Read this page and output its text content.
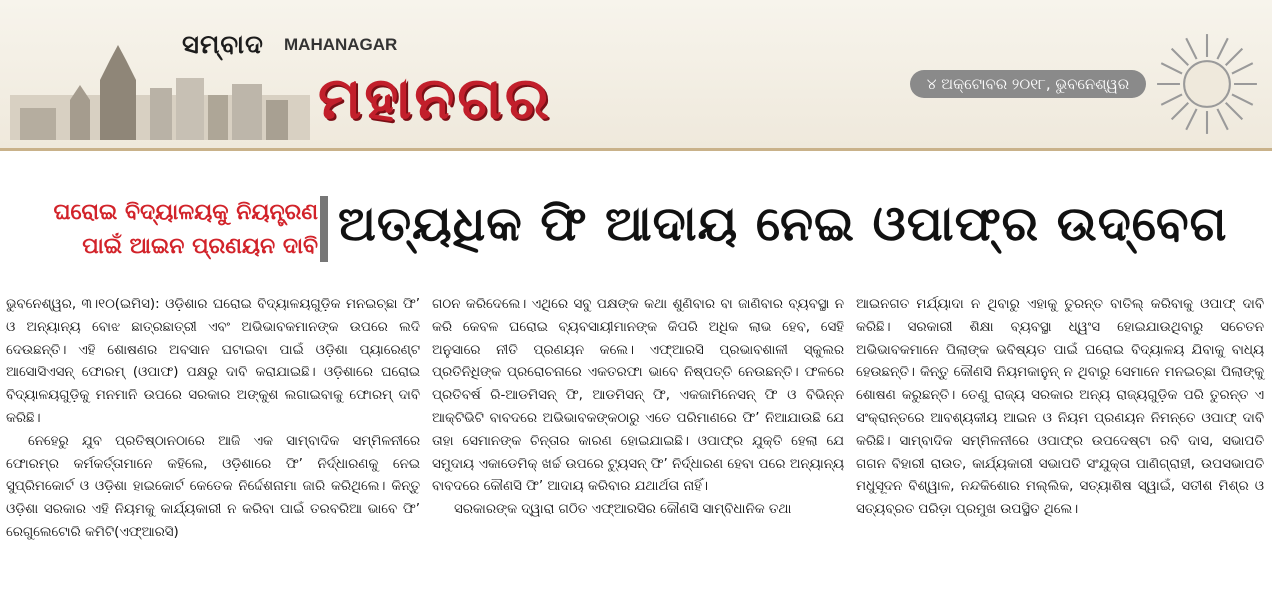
ସମ୍ବାଦ MAHANAGAR
ମହାନଗର	୪ ଅକ୍ଟୋବର ୨୦୧୮, ଭୁବନେଶ୍ୱର
ଘରୋଇ ବିଦ୍ୟାଳୟକୁ ନିୟନ୍ତ୍ରଣ
ପାଇଁ ଆଇନ ପ୍ରଣୟନ ଦାବି ଅତ୍ୟଧିକ ଫି ଆଦାୟ ନେଇ ଓପାଫ୍‌ର ଉଦ୍‌ବେଗ

ଭୁବନେଶ୍ୱର, ୩।୧୦(ଇମିସ): ଓଡ଼ିଶାର ଘରୋଇ ବିଦ୍ୟାଳୟଗୁଡ଼ିକ ମନଇଚ୍ଛା ଫି’ ଓ ଅନ୍ୟାନ୍ୟ ବୋଝ ଛାତ୍ରଛାତ୍ରୀ ଏବଂ ଅଭିଭାବକମାନଙ୍କ ଉପରେ ଲଦି ଦେଉଛନ୍ତି। ଏହି ଶୋଷଣର ଅବସାନ ଘଟାଇବା ପାଇଁ ଓଡ଼ିଶା ପ୍ୟାରେଣ୍ଟ ଆସୋସିଏସନ୍ ଫୋରମ୍ (ଓପାଫ) ପକ୍ଷରୁ ଦାବି କରାଯାଇଛି। ଓଡ଼ିଶାରେ ଘରୋଇ ବିଦ୍ୟାଳୟଗୁଡ଼ିକୁ ମନମାନି ଉପରେ ସରକାର ଅଙ୍କୁଶ ଲଗାଇବାକୁ ଫୋରମ୍ ଦାବି କରିଛି।

ନେହେରୁ ଯୁବ ପ୍ରତିଷ୍ଠାନଠାରେ ଆଜି ଏକ ସାମ୍ବାଦିକ ସମ୍ମିଳନୀରେ ଫୋରମ୍‌ର କର୍ମକର୍ତ୍ତାମାନେ କହିଲେ, ଓଡ଼ିଶାରେ ଫି’ ନିର୍ଦ୍ଧାରଣକୁ ନେଇ ସୁପ୍ରିମକୋର୍ଟ ଓ ଓଡ଼ିଶା ହାଇକୋର୍ଟ କେତେକ ନିର୍ଦ୍ଦେଶନାମା ଜାରି କରିଥିଲେ। କିନ୍ତୁ ଓଡ଼ିଶା ସରକାର ଏହି ନିୟମକୁ କାର୍ଯ୍ୟକାରୀ ନ କରିବା ପାଇଁ ତରବରିଆ ଭାବେ ଫି’ ରେଗୁଲେଟୋରି କମିଟି(ଏଫ୍‌ଆରସି)

ଗଠନ କରିଦେଲେ। ଏଥିରେ ସବୁ ପକ୍ଷଙ୍କ କଥା ଶୁଣିବାର ବା ଜାଣିବାର ବ୍ୟବସ୍ଥା ନ କରି କେବଳ ଘରୋଇ ବ୍ୟବସାୟୀମାନଙ୍କ କିପରି ଅଧିକ ଲାଭ ହେବ, ସେହି ଅନୁସାରେ ନୀତି ପ୍ରଣୟନ କଲେ। ଏଫ୍‌ଆରସି ପ୍ରଭାବଶାଳୀ ସ୍କୁଲର ପ୍ରତିନିଧିଙ୍କ ପ୍ରରୋଚନାରେ ଏକତରଫା ଭାବେ ନିଷ୍ପତ୍ତି ନେଉଛନ୍ତି। ଫଳରେ ପ୍ରତିବର୍ଷ ରି-ଆଡମିସନ୍ ଫି, ଆଡମିସନ୍ ଫି, ଏକଜାମିନେସନ୍ ଫି ଓ ବିଭିନ୍ନ ଆକ୍ଟିଭିଟି ବାବଦରେ ଅଭିଭାବକଙ୍କଠାରୁ ଏତେ ପରିମାଣରେ ଫି’ ନିଆଯାଉଛି ଯେ ତାହା ସେମାନଙ୍କ ଚିନ୍ତାର କାରଣ ହୋଇଯାଇଛି। ଓପାଫ୍‌ର ଯୁକ୍ତି ହେଲା ଯେ ସମୁଦାୟ ଏକାଡେମିକ୍ ଖର୍ଚ୍ଚ ଉପରେ ଟ୍ୟୁସନ୍ ଫି’ ନିର୍ଦ୍ଧାରଣ ହେବା ପରେ ଅନ୍ୟାନ୍ୟ ବାବଦରେ କୌଣସି ଫି’ ଆଦାୟ କରିବାର ଯଥାର୍ଥତା ନାହିଁ।

ସରକାରଙ୍କ ଦ୍ୱାରା ଗଠିତ ଏଫ୍‌ଆରସିର କୌଣସି ସାମ୍ବିଧାନିକ ତଥା

ଆଇନଗତ ମର୍ଯ୍ୟାଦା ନ ଥିବାରୁ ଏହାକୁ ତୁରନ୍ତ ବାତିଲ୍ କରିବାକୁ ଓପାଫ୍ ଦାବି କରିଛି। ସରକାରୀ ଶିକ୍ଷା ବ୍ୟବସ୍ଥା ଧ୍ୱଂସ ହୋଇଯାଉଥିବାରୁ ସଚେତନ ଅଭିଭାବକମାନେ ପିଲାଙ୍କ ଭବିଷ୍ୟତ ପାଇଁ ଘରୋଇ ବିଦ୍ୟାଳୟ ଯିବାକୁ ବାଧ୍ୟ ହେଉଛନ୍ତି। କିନ୍ତୁ କୌଣସି ନିୟମକାନୁନ୍ ନ ଥିବାରୁ ସେମାନେ ମନଇଚ୍ଛା ପିଲାଙ୍କୁ ଶୋଷଣ କରୁଛନ୍ତି। ତେଣୁ ରାଜ୍ୟ ସରକାର ଅନ୍ୟ ରାଜ୍ୟଗୁଡ଼ିକ ପରି ତୁରନ୍ତ ଏ ସଂକ୍ରାନ୍ତରେ ଆବଶ୍ୟକୀୟ ଆଇନ ଓ ନିୟମ ପ୍ରଣୟନ ନିମନ୍ତେ ଓପାଫ୍ ଦାବି କରିଛି। ସାମ୍ବାଦିକ ସମ୍ମିଳନୀରେ ଓପାଫ୍‌ର ଉପଦେଷ୍ଟା ରବି ଦାସ, ସଭାପତି ଗଗନ ବିହାରୀ ରାଉତ, କାର୍ଯ୍ୟକାରୀ ସଭାପତି ସଂଯୁକ୍ତା ପାଣିଗ୍ରାହୀ, ଉପସଭାପତି ମଧୁସୂଦନ ବିଶ୍ୱାଳ, ନନ୍ଦକିଶୋର ମଲ୍ଲିକ, ସତ୍ୟାଶିଷ ସ୍ୱାଇଁ, ସତୀଶ ମିଶ୍ର ଓ ସତ୍ୟବ୍ରତ ପରିଡ଼ା ପ୍ରମୁଖ ଉପସ୍ଥିତ ଥିଲେ।
